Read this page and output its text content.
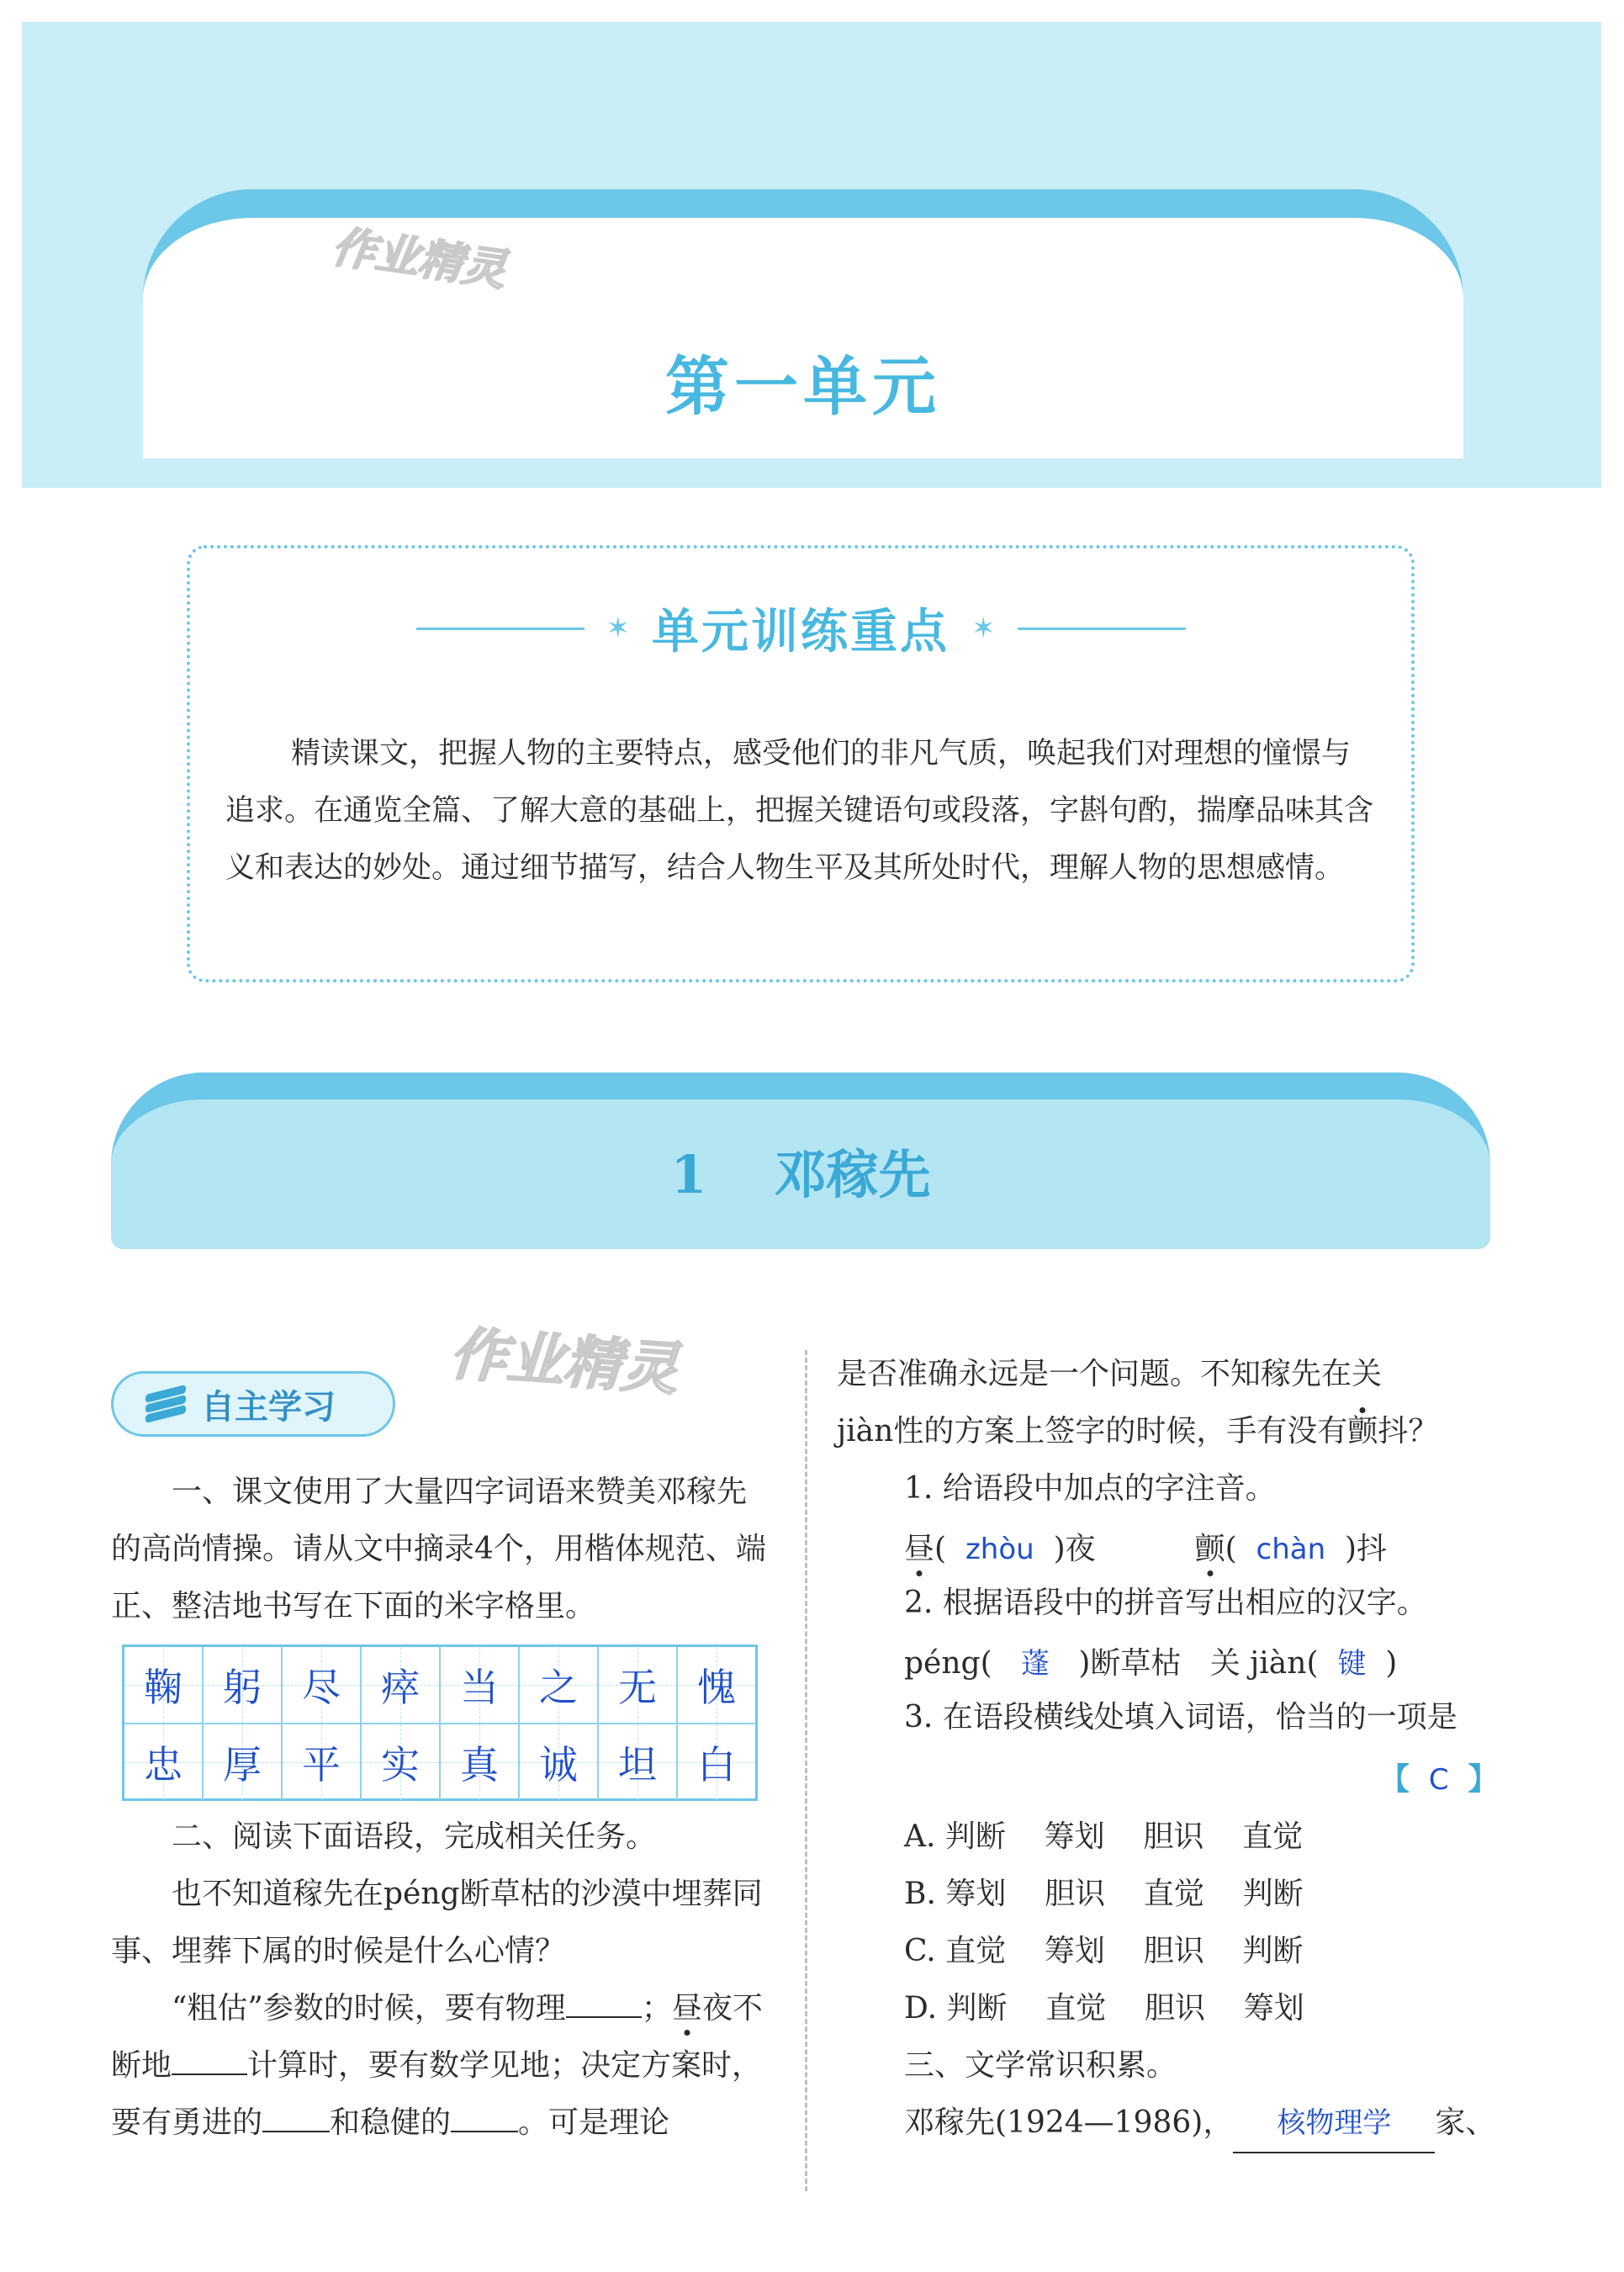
第一单元
作业精灵
✶ 单元训练重点 ✶
精读课文，把握人物的主要特点，感受他们的非凡气质，唤起我们对理想的憧憬与追求。在通览全篇、了解大意的基础上，把握关键语句或段落，字斟句酌，揣摩品味其含义和表达的妙处。通过细节描写，结合人物生平及其所处时代，理解人物的思想感情。
1 邓稼先
作业精灵
自主学习
一、课文使用了大量四字词语来赞美邓稼先的高尚情操。请从文中摘录4个，用楷体规范、端正、整洁地书写在下面的米字格里。
鞠 躬 尽 瘁 当 之 无 愧
忠 厚 平 实 真 诚 坦 白
二、阅读下面语段，完成相关任务。
也不知道稼先在péng断草枯的沙漠中埋葬同事、埋葬下属的时候是什么心情？
“粗估”参数的时候，要有物理	；昼夜不断地	计算时，要有数学见地；决定方案时，要有勇进的 和稳健的 。可是理论
是否准确永远是一个问题。不知稼先在关
jiàn性的方案上签字的时候，手有没有颤抖？
1. 给语段中加点的字注音。
昼(  zhòu  )夜	颤(  chàn  )抖
2. 根据语段中的拼音写出相应的汉字。
péng( 蓬 )断草枯   关 jiàn( 键 )
3. 在语段横线处填入词语，恰当的一项是
【 C 】
A. 判断    筹划    胆识    直觉
B. 筹划    胆识    直觉    判断
C. 直觉    筹划    胆识    判断
D. 判断    直觉    胆识    筹划
三、文学常识积累。
邓稼先(1924—1986)， 核物理学 家、
